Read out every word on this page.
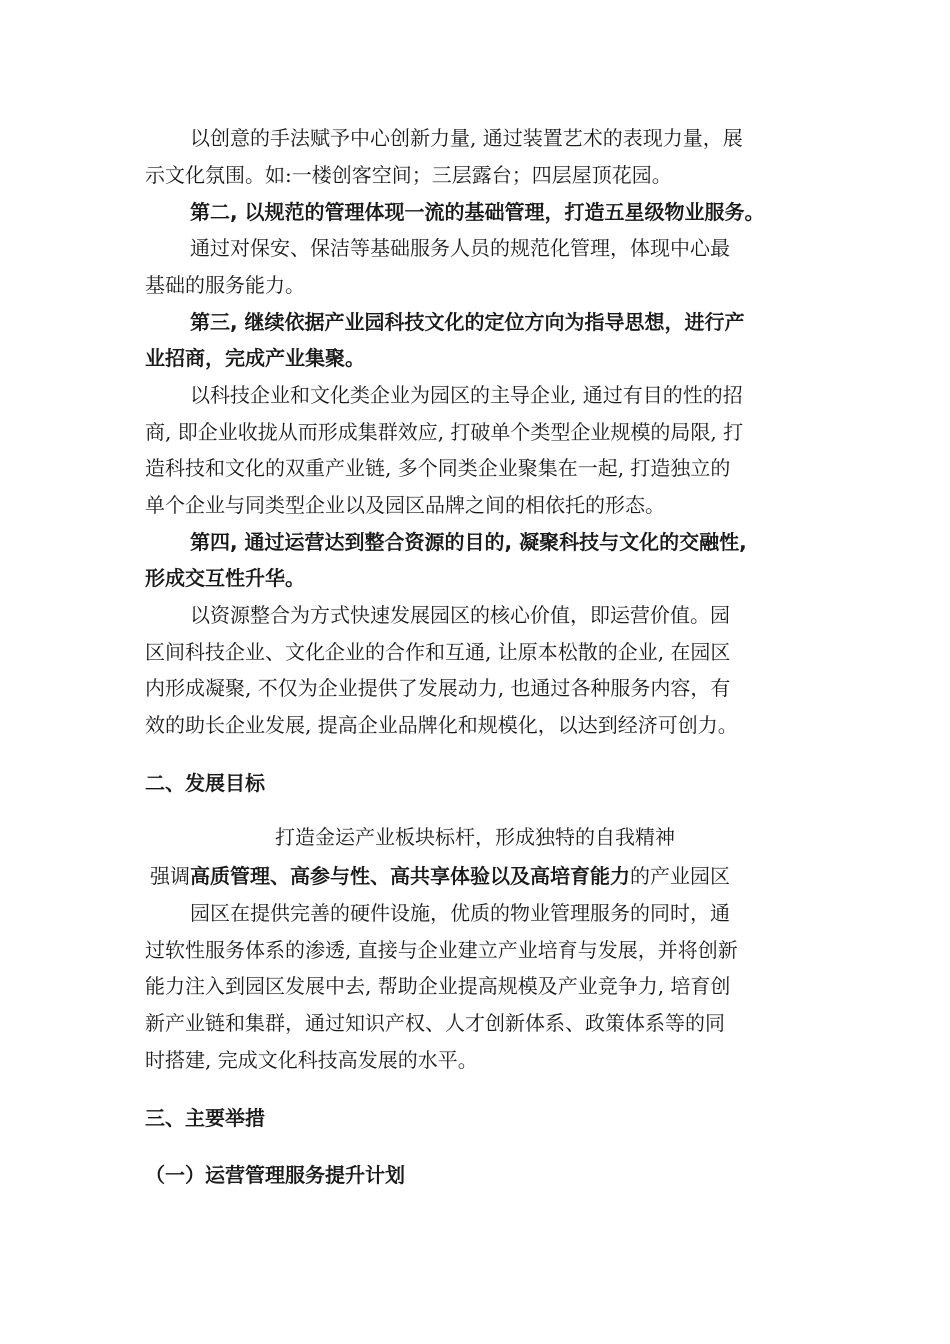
以创意的手法赋予中心创新力量, 通过装置艺术的表现力量，展

示文化氛围。如:一楼创客空间；三层露台；四层屋顶花园。

第二, 以规范的管理体现一流的基础管理，打造五星级物业服务。

通过对保安、保洁等基础服务人员的规范化管理，体现中心最

基础的服务能力。

第三, 继续依据产业园科技文化的定位方向为指导思想，进行产

业招商，完成产业集聚。

以科技企业和文化类企业为园区的主导企业, 通过有目的性的招

商, 即企业收拢从而形成集群效应, 打破单个类型企业规模的局限, 打

造科技和文化的双重产业链, 多个同类企业聚集在一起, 打造独立的

单个企业与同类型企业以及园区品牌之间的相依托的形态。

第四, 通过运营达到整合资源的目的, 凝聚科技与文化的交融性,

形成交互性升华。

以资源整合为方式快速发展园区的核心价值，即运营价值。园

区间科技企业、文化企业的合作和互通, 让原本松散的企业, 在园区

内形成凝聚, 不仅为企业提供了发展动力, 也通过各种服务内容，有

效的助长企业发展, 提高企业品牌化和规模化，以达到经济可创力。

二、发展目标

打造金运产业板块标杆，形成独特的自我精神

强调高质管理、高参与性、高共享体验以及高培育能力的产业园区

园区在提供完善的硬件设施，优质的物业管理服务的同时，通

过软性服务体系的渗透, 直接与企业建立产业培育与发展，并将创新

能力注入到园区发展中去, 帮助企业提高规模及产业竞争力, 培育创

新产业链和集群，通过知识产权、人才创新体系、政策体系等的同

时搭建, 完成文化科技高发展的水平。

三、主要举措

（一）运营管理服务提升计划
